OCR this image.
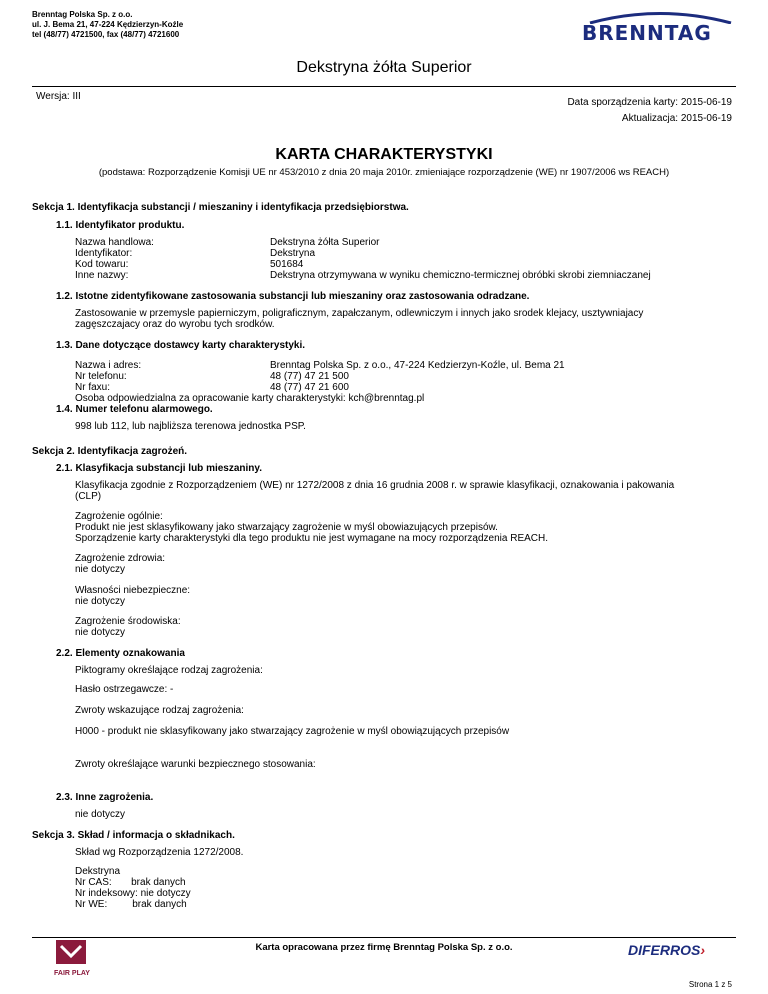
Brenntag Polska Sp. z o.o.
ul. J. Bema 21, 47-224 Kędzierzyn-Koźle
tel (48/77) 4721500, fax (48/77) 4721600	BRENNTAG
Dekstryna żółta Superior
Wersja: III
Data sporządzenia karty: 2015-06-19
Aktualizacja: 2015-06-19
KARTA CHARAKTERYSTYKI
(podstawa: Rozporządzenie Komisji UE nr 453/2010 z dnia 20 maja 2010r. zmieniające rozporządzenie (WE) nr 1907/2006 ws REACH)
Sekcja 1. Identyfikacja substancji / mieszaniny i identyfikacja przedsiębiorstwa.
1.1. Identyfikator produktu.
Nazwa handlowa:	Dekstryna żółta Superior
Identyfikator:	Dekstryna
Kod towaru:	501684
Inne nazwy:	Dekstryna otrzymywana w wyniku chemiczno-termicznej obróbki skrobi ziemniaczanej
1.2. Istotne zidentyfikowane zastosowania substancji lub mieszaniny oraz zastosowania odradzane.
Zastosowanie w przemysle papierniczym, poligraficznym, zapałczanym, odlewniczym i innych jako srodek klejacy, usztywniajacy
zagęszczajacy oraz do wyrobu tych srodków.
1.3. Dane dotyczące dostawcy karty charakterystyki.
Nazwa i adres:	Brenntag Polska Sp. z o.o., 47-224 Kedzierzyn-Koźle, ul. Bema 21
Nr telefonu:	48 (77) 47 21 500
Nr faxu:	48 (77) 47 21 600
Osoba odpowiedzialna za opracowanie karty charakterystyki: kch@brenntag.pl
1.4. Numer telefonu alarmowego.
998 lub 112, lub najbliższa terenowa jednostka PSP.
Sekcja 2. Identyfikacja zagrożeń.
2.1. Klasyfikacja substancji lub mieszaniny.
Klasyfikacja zgodnie z Rozporządzeniem (WE) nr 1272/2008 z dnia 16 grudnia 2008 r. w sprawie klasyfikacji, oznakowania i pakowania
(CLP)
Zagrożenie ogólnie:
Produkt nie jest sklasyfikowany jako stwarzający zagrożenie w myśl obowiazujących przepisów.
Sporządzenie karty charakterystyki dla tego produktu nie jest wymagane na mocy rozporządzenia REACH.
Zagrożenie zdrowia:
nie dotyczy
Własności niebezpieczne:
nie dotyczy
Zagrożenie środowiska:
nie dotyczy
2.2. Elementy oznakowania
Piktogramy określające rodzaj zagrożenia:
Hasło ostrzegawcze: -
Zwroty wskazujące rodzaj zagrożenia:
H000 - produkt nie sklasyfikowany jako stwarzający zagrożenie w myśl obowiązujących przepisów
Zwroty określające warunki bezpiecznego stosowania:
2.3. Inne zagrożenia.
nie dotyczy
Sekcja 3. Skład / informacja o składnikach.
Skład wg Rozporządzenia 1272/2008.
Dekstryna
Nr CAS:       brak danych
Nr indeksowy: nie dotyczy
Nr WE:         brak danych
FAIR PLAY
Karta opracowana przez firmę Brenntag Polska Sp. z o.o.	DIFERROS›
Strona 1 z 5
